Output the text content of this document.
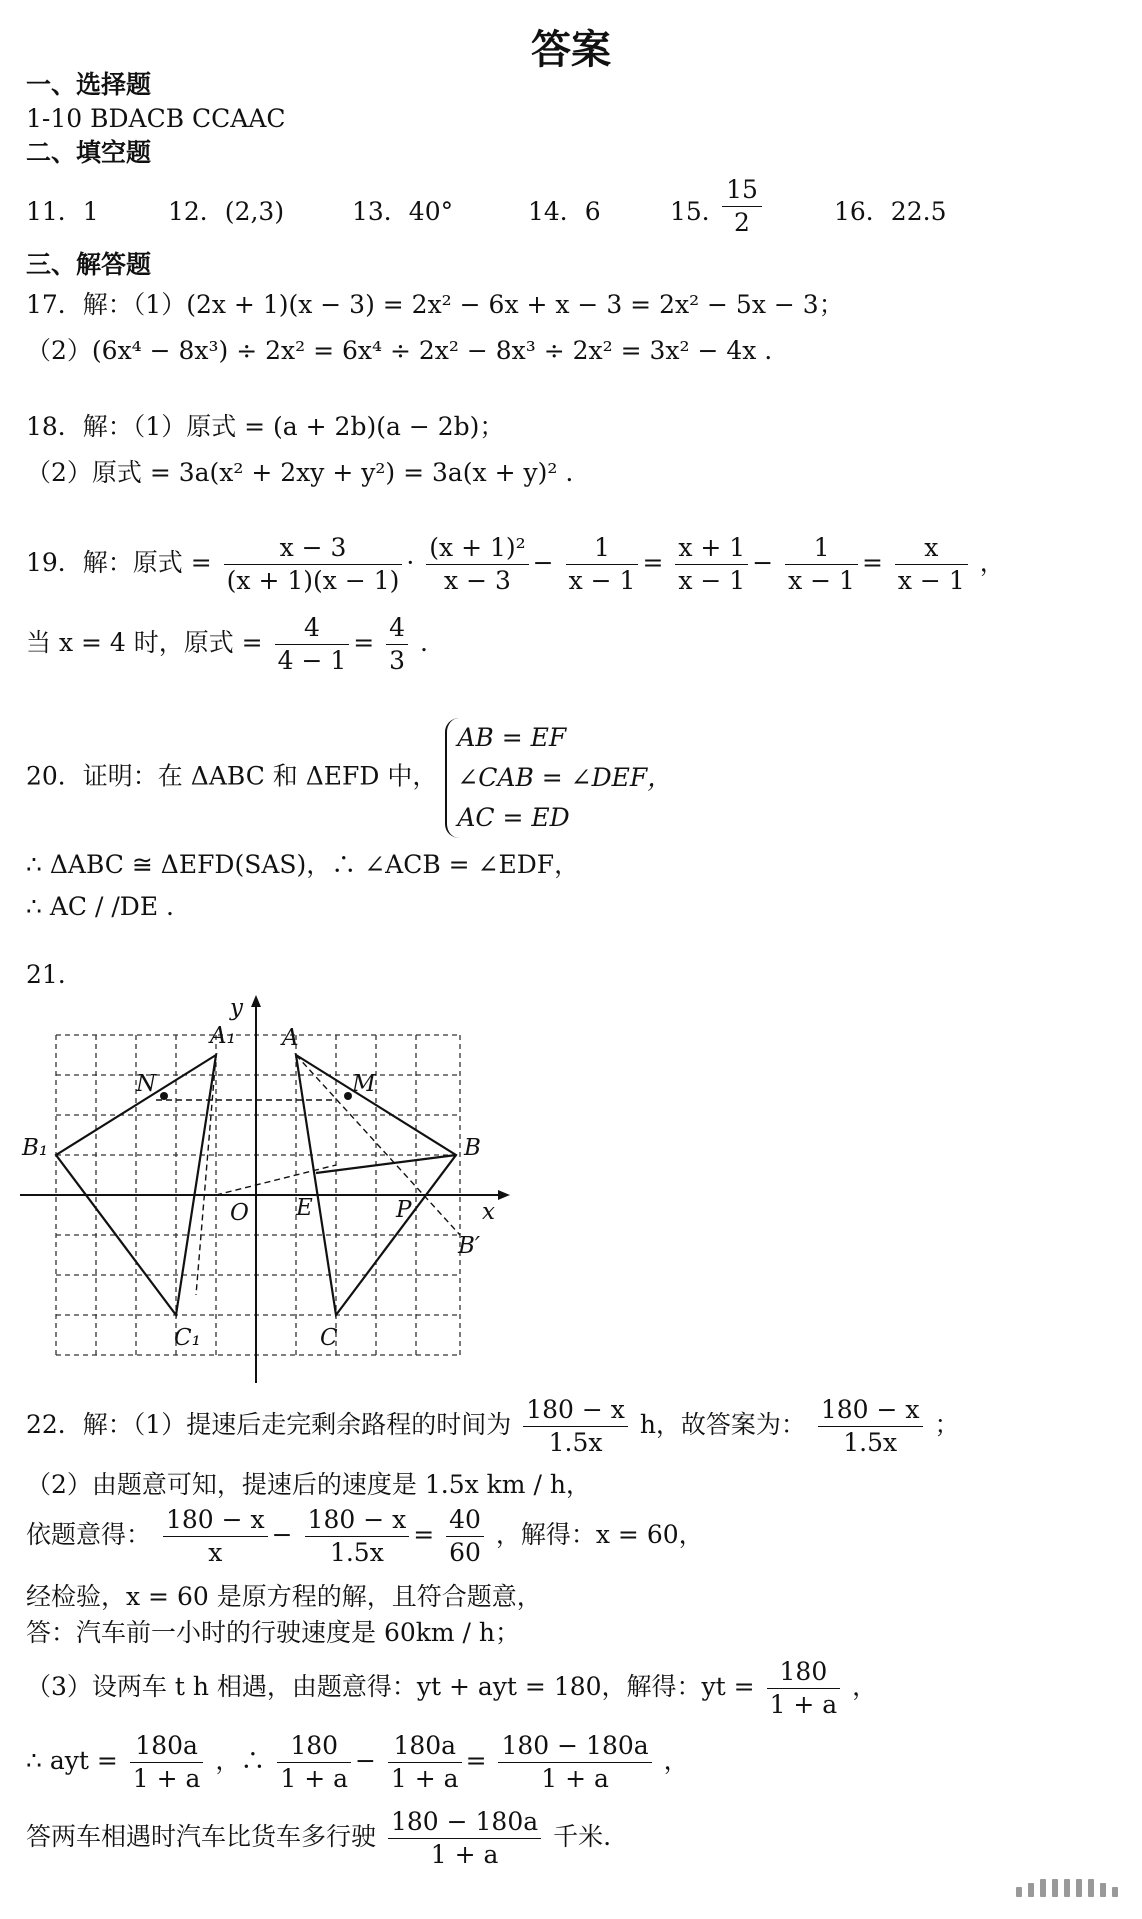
答案
一、选择题
1-10 BDACB CCAAC
二、填空题
11．1	12．(2,3)	13．40°	14．6	15．
$\frac{15}{2}$	16．22.5
三、解答题
17．解：（1）(2x + 1)(x − 3) = 2x² − 6x + x − 3 = 2x² − 5x − 3；
（2）(6x⁴ − 8x³) ÷ 2x² = 6x⁴ ÷ 2x² − 8x³ ÷ 2x² = 3x² − 4x .
18．解：（1）原式 = (a + 2b)(a − 2b)；
（2）原式 = 3a(x² + 2xy + y²) = 3a(x + y)² .
19．解：原式 = $\frac{x - 3}{(x + 1)(x - 1)} \cdot \frac{\text{(x + 1)²}}{x - 3} - \frac{1}{x - 1} = \frac{x + 1}{x - 1} - \frac{1}{x - 1} = \frac{x}{x - 1}$ ，
当 x = 4 时，原式 = $\frac{4}{4 - 1} = \frac{4}{3}$ .
20．证明：在 ΔABC 和 ΔEFD 中，
AB = EF
∠CAB = ∠DEF，
AC = ED
∴ ΔABC ≅ ΔEFD(SAS)，∴ ∠ACB = ∠EDF，
∴ AC / /DE .
21.
A₁ A
N	M
B₁	B
O E	P
B′
C₁	C
x
y
22．解：（1）提速后走完剩余路程的时间为 $\frac{180 - x}{1.5x}$ h，故答案为： $\frac{180 - x}{1.5x}$ ；
（2）由题意可知，提速后的速度是 1.5x km / h，
依题意得： $\frac{180 - x}{x} - \frac{180 - x}{1.5x} = \frac{40}{60}$ ，解得：x = 60，
经检验，x = 60 是原方程的解，且符合题意，
答：汽车前一小时的行驶速度是 60km / h；
（3）设两车 t h 相遇，由题意得：yt + ayt = 180，解得：yt = $\frac{180}{1 + a}$ ，
∴ ayt = $\frac{180a}{1 + a}$ ，∴ $\frac{180}{1 + a} - \frac{180a}{1 + a} = \frac{180 - 180a}{1 + a}$ ，
答两车相遇时汽车比货车多行驶 $\frac{180 - 180a}{1 + a}$ 千米.
